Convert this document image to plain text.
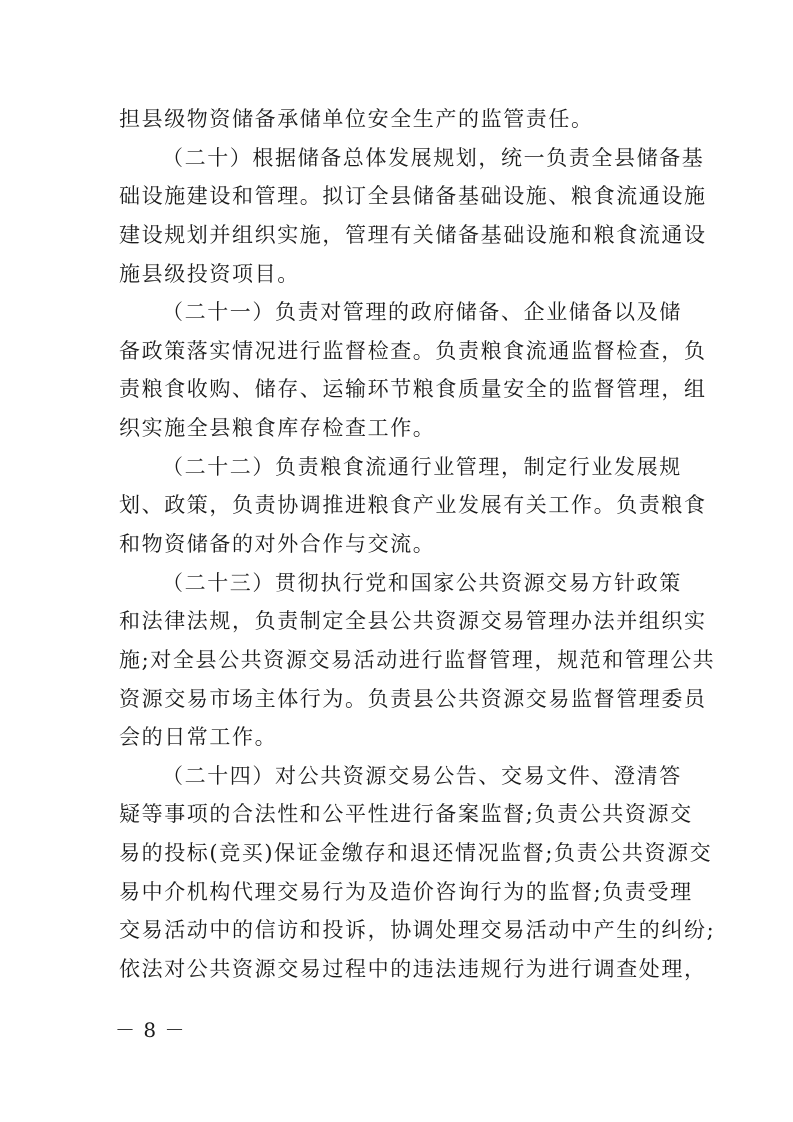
担县级物资储备承储单位安全生产的监管责任。
（二十）根据储备总体发展规划，统一负责全县储备基
础设施建设和管理。拟订全县储备基础设施、粮食流通设施
建设规划并组织实施，管理有关储备基础设施和粮食流通设
施县级投资项目。
（二十一）负责对管理的政府储备、企业储备以及储
备政策落实情况进行监督检查。负责粮食流通监督检查，负
责粮食收购、储存、运输环节粮食质量安全的监督管理，组
织实施全县粮食库存检查工作。
（二十二）负责粮食流通行业管理，制定行业发展规
划、政策，负责协调推进粮食产业发展有关工作。负责粮食
和物资储备的对外合作与交流。
（二十三）贯彻执行党和国家公共资源交易方针政策
和法律法规，负责制定全县公共资源交易管理办法并组织实
施;对全县公共资源交易活动进行监督管理，规范和管理公共
资源交易市场主体行为。负责县公共资源交易监督管理委员
会的日常工作。
（二十四）对公共资源交易公告、交易文件、澄清答
疑等事项的合法性和公平性进行备案监督;负责公共资源交
易的投标(竞买)保证金缴存和退还情况监督;负责公共资源交
易中介机构代理交易行为及造价咨询行为的监督;负责受理
交易活动中的信访和投诉，协调处理交易活动中产生的纠纷;
依法对公共资源交易过程中的违法违规行为进行调查处理，
－ 8 －
